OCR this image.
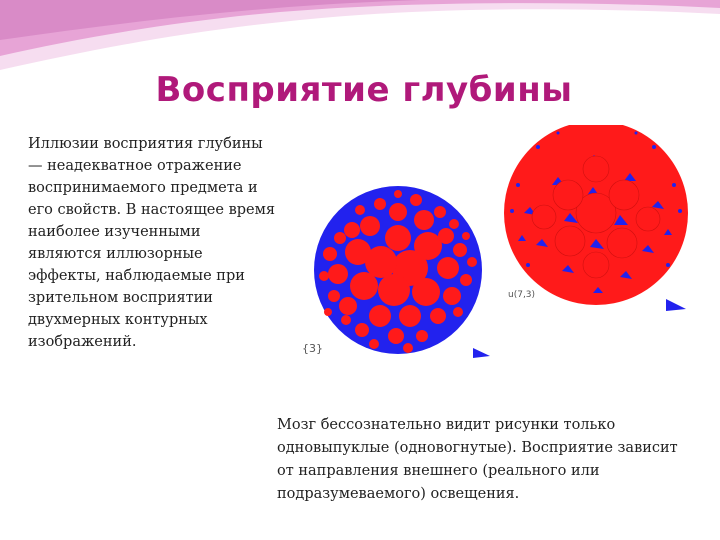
Восприятие глубины

Иллюзии восприятия глубины — неадекватное отражение воспринимаемого предмета и его свойств. В настоящее время наиболее изученными являются иллюзорные эффекты, наблюдаемые при зрительном восприятии двухмерных контурных изображений.	{3}
u(7,3)

Мозг бессознательно видит рисунки только одновыпуклые (одновогнутые). Восприятие зависит от направления внешнего (реального или подразумеваемого) освещения.
